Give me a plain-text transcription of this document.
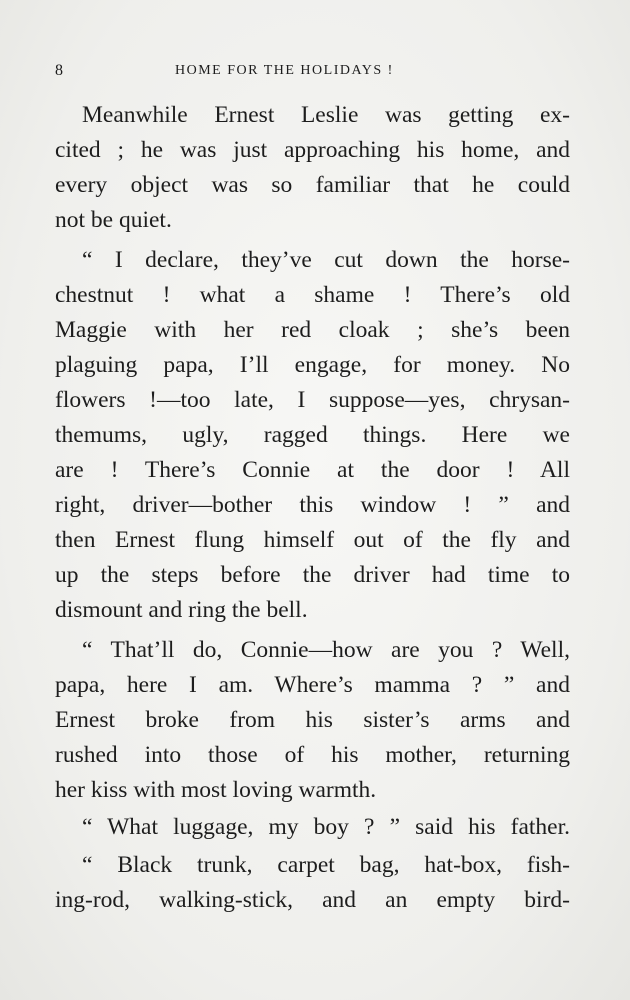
8	HOME FOR THE HOLIDAYS !
Meanwhile Ernest Leslie was getting ex-
cited ; he was just approaching his home, and
every object was so familiar that he could
not be quiet.
“ I declare, they’ve cut down the horse-
chestnut ! what a shame ! There’s old
Maggie with her red cloak ; she’s been
plaguing papa, I’ll engage, for money. No
flowers !—too late, I suppose—yes, chrysan-
themums, ugly, ragged things. Here we
are ! There’s Connie at the door ! All
right, driver—bother this window ! ” and
then Ernest flung himself out of the fly and
up the steps before the driver had time to
dismount and ring the bell.
“ That’ll do, Connie—how are you ? Well,
papa, here I am. Where’s mamma ? ” and
Ernest broke from his sister’s arms and
rushed into those of his mother, returning
her kiss with most loving warmth.
“ What luggage, my boy ? ” said his father.
“ Black trunk, carpet bag, hat-box, fish-
ing-rod, walking-stick, and an empty bird-
